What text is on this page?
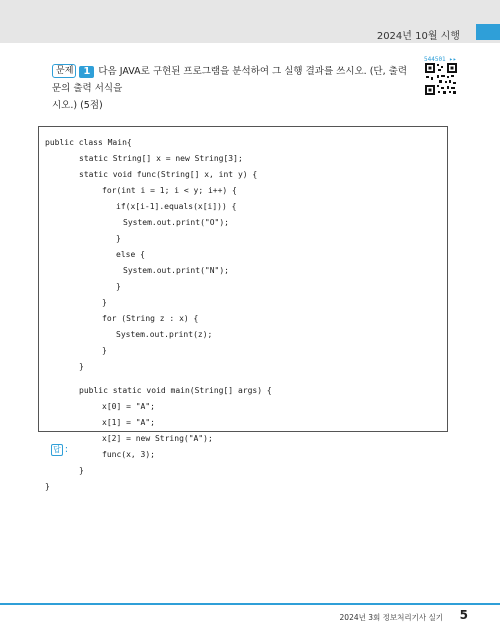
2024년 10월 시행
문제 1 다음 JAVA로 구현된 프로그램을 분석하여 그 실행 결과를 쓰시오. (단, 출력문의 출력 서식을
시오.) (5점)
544501 ▸▸
public class Main{
static String[] x = new String[3];
static void func(String[] x, int y) {
for(int i = 1; i < y; i++) {
if(x[i-1].equals(x[i])) {
System.out.print("O");
}
else {
System.out.print("N");
}
}
for (String z : x) {
System.out.print(z);
}
}
public static void main(String[] args) {
x[0] = "A";
x[1] = "A";
x[2] = new String("A");
func(x, 3);
}
}
답 :
2024년 3회 정보처리기사 실기 5
